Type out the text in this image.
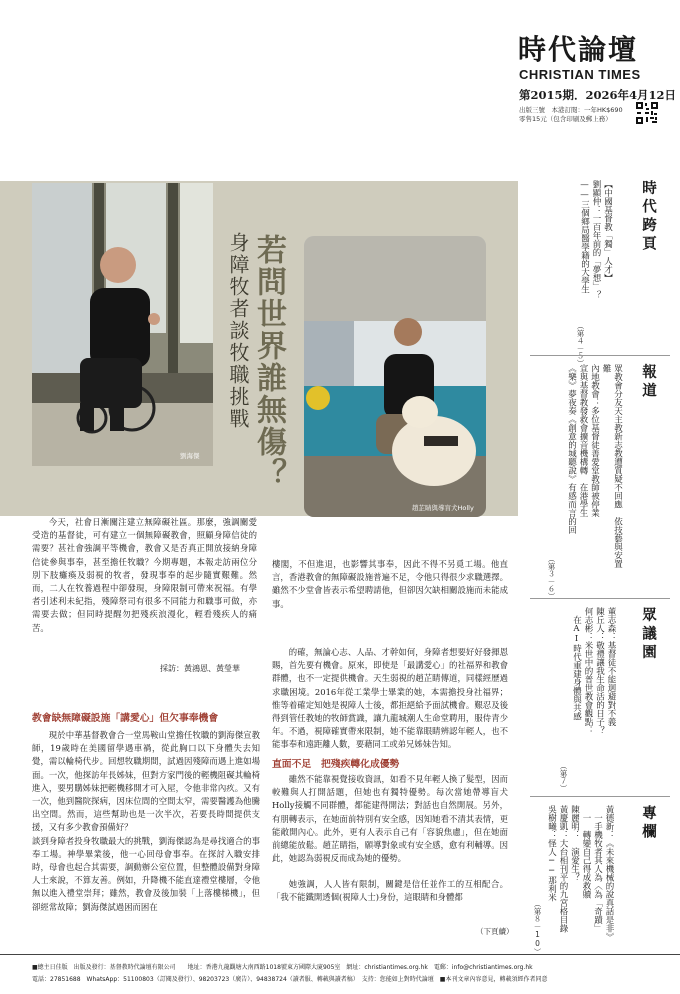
時代論壇
CHRISTIAN TIMES
第2015期．2026年4月12日
出版三號　本港訂閱：一年HK$690
零售15元（包含印刷及郵上務）
劉海傑
趙芷睛與導盲犬Holly
若問世界誰無傷？
身障牧者談牧職挑戰

今天，社會日漸關注建立無障礙社區。那麼，強調關愛受造的基督徒，可有建立一個無障礙教會，照顧身障信徒的需要？甚社會強調平等機會，教會又是否真正開放接納身障信徒參與事奉，甚至擔任牧職？今期專題，本報走訪兩位分別下肢癱瘓及弱視的牧者，發現事奉的起步隨實艱難。然而，二人在牧養過程中卻發現，身障限制可帶來祝福。有學者引述利未紀指，殘障祭司有很多不同能力和職事可做，亦需要去做；但同時提醒勿把殘疾浪漫化，輕看殘疾人的痛苦。

採訪：黃鴻恩、黃瑩華
教會缺無障礙設施「講愛心」但欠事奉機會

現於中華基督教會合一堂馬鞍山堂擔任牧職的劉海傑宣教師，19歲時在美國留學遇車禍，從此胸口以下身體失去知覺，需以輪椅代步。回想牧職期間，試過因殘障而遇上進如場面。一次，他探訪年長姊妹，但對方家門後的輕機阻礙其輪椅進入，要男購姊妹把輕機移開才可入屋，令他非常內疚。又有一次，他到醫院探病，因床位間的空間太窄，需要醫護為他騰出空間。然而，這些幫助也是一次半次，若要長時間提供支援，又有多少教會預備好？
談到身障者投身牧職最大的挑戰，劉海傑認為是尋找適合的事奉工場。神學畢業後，他一心回母會事奉。在探討入職安排時，母會也起合其需要，調動辦公室位置，但整體設備對身障人士來說，不算友善。例如，升降機不能直達禮堂樓層，令他無以進入禮堂崇拜；雖然，教會及後加裝「上落樓梯機」，但卻經常故障；劉海傑試過困而困在

樓閣，不但進退，也影響其事奉，因此不得不另覓工場。他直言，香港教會的無障礙設施普遍不足，令他只得很少求職選擇。雖然不少堂會皆表示希望聘請他，但卻因欠缺相關設施而未能成事。

的確，無論心志、人品、才幹如何，身障者想要好好發揮恩賜，首先要有機會。原來，即使是「最講愛心」的社福界和教會群體，也不一定提供機會。天生弱視的趙芷睛傳道，同樣經歷過求職困境。2016年從工業學士畢業的她，本需擔投身社福界；惟等着確定知她是視障人士後，都拒絕給予面試機會。艱忍及後得到管任教她的牧師賞識，讓九龍城潮人生命堂聘用，服侍青少年。不過，視障確實帶來限制，她不能靠眼睛辨認年輕人，也不能事奉和遠距離人數，要藉同工或弟兄姊妹告知。

直面不足　把殘疾轉化成優勢

雖然不能靠視覺接收資訊，如看不見年輕人換了髮型，因而較難與人打開話題，但她也有獨特優勢。每次當她帶導盲犬Holly接觸不同群體，都能建得開法；對話也自然開展。另外，有朋轉表示，在她面前特別有安全感，因知她看不清其表情，更能敞開內心。此外，更有人表示自己有「容貌焦慮」，但在她面前總能放鬆。趙芷睛指，願導對象或有安全感，愈有利輔導。因此，她認為弱視反而成為她的優勢。

她強調，人人皆有限制，關鍵是信任並作工的互相配合。「我不能鐵開透個(視障人士)身份，這眼睛和身體都

（下頁續）
時代跨頁
【中國基督教「獨」人才】
劉顯仲：一百年前的「夢想」？
——三個鄉局醫學籍的大學生
（第４－５）
報道
眾教會分友天主教新志教遭質疑不回應　依技藝與安置難
內地教會：多位基督徒善愛堂教師被停業
宣與基督教發救會擴音機構轉　在港學生
《樂》夢夜奏《創意的城聽說》有感而言的回
（第３－６）
眾議園
董志森：基督徒不能迴避對不義
陳丘人：敬禮讓我生命活的日子？
何志彬：米世中的普世教會觀點：
　在AI時代重建身體與共感
（第７）
專欄
黃德新：《未來機械的說真話是非》
　一手機牧者其人為〈為「奇蹟」
　一　轉變自己得成救贖
陳麗明：　演愛生？
黃慶凱：大台相刊平的九宮格目錄
吳樹曦：怪人──那利米
（第８－10）
■總主日佳版　出版及發行：基督教時代論壇有限公司　　地址：香港九龍觀塘大南西路1018號東方國際大廈905室　網址：christiantimes.org.hk　電郵：info@christiantimes.org.hk
電話：27851688　WhatsApp：51100803（訂閱及發行）、98203723（廣告）、94838724（讀者服、轉載與讀者稿）　支持：您能如上對時代論壇　■本刊文章內容意見，轉載須經作者同意
